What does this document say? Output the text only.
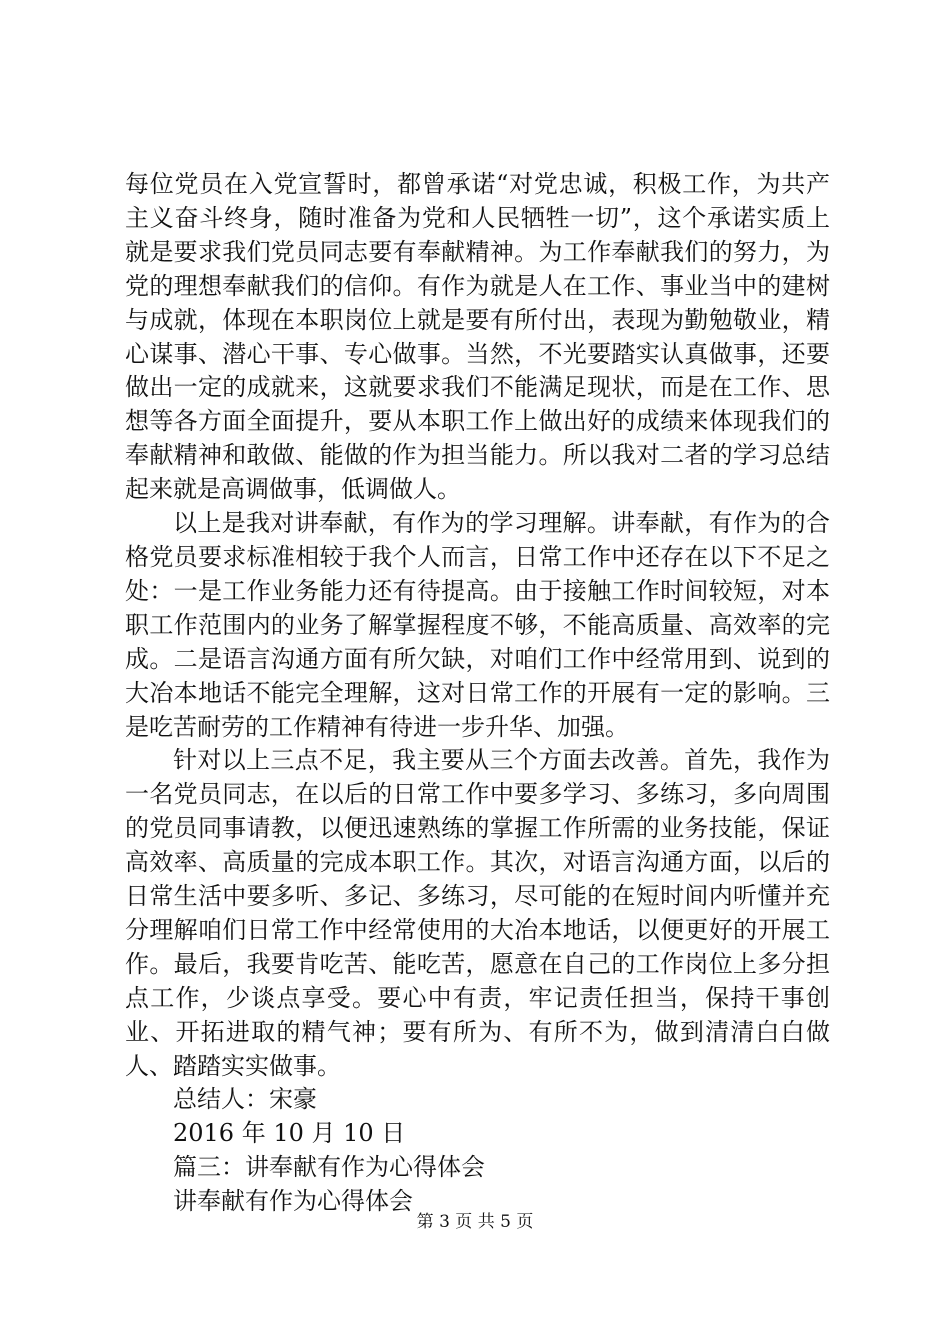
每位党员在入党宣誓时，都曾承诺“对党忠诚，积极工作，为共产主义奋斗终身，随时准备为党和人民牺牲一切”，这个承诺实质上就是要求我们党员同志要有奉献精神。为工作奉献我们的努力，为党的理想奉献我们的信仰。有作为就是人在工作、事业当中的建树与成就，体现在本职岗位上就是要有所付出，表现为勤勉敬业，精心谋事、潜心干事、专心做事。当然，不光要踏实认真做事，还要做出一定的成就来，这就要求我们不能满足现状，而是在工作、思想等各方面全面提升，要从本职工作上做出好的成绩来体现我们的奉献精神和敢做、能做的作为担当能力。所以我对二者的学习总结起来就是高调做事，低调做人。

以上是我对讲奉献，有作为的学习理解。讲奉献，有作为的合格党员要求标准相较于我个人而言，日常工作中还存在以下不足之处：一是工作业务能力还有待提高。由于接触工作时间较短，对本职工作范围内的业务了解掌握程度不够，不能高质量、高效率的完成。二是语言沟通方面有所欠缺，对咱们工作中经常用到、说到的大冶本地话不能完全理解，这对日常工作的开展有一定的影响。三是吃苦耐劳的工作精神有待进一步升华、加强。

针对以上三点不足，我主要从三个方面去改善。首先，我作为一名党员同志，在以后的日常工作中要多学习、多练习，多向周围的党员同事请教，以便迅速熟练的掌握工作所需的业务技能，保证高效率、高质量的完成本职工作。其次，对语言沟通方面，以后的日常生活中要多听、多记、多练习，尽可能的在短时间内听懂并充分理解咱们日常工作中经常使用的大冶本地话，以便更好的开展工作。最后，我要肯吃苦、能吃苦，愿意在自己的工作岗位上多分担点工作，少谈点享受。要心中有责，牢记责任担当，保持干事创业、开拓进取的精气神；要有所为、有所不为，做到清清白白做人、踏踏实实做事。

总结人：宋豪

2016 年 10 月 10 日

篇三：讲奉献有作为心得体会

讲奉献有作为心得体会

第 3 页 共 5 页
